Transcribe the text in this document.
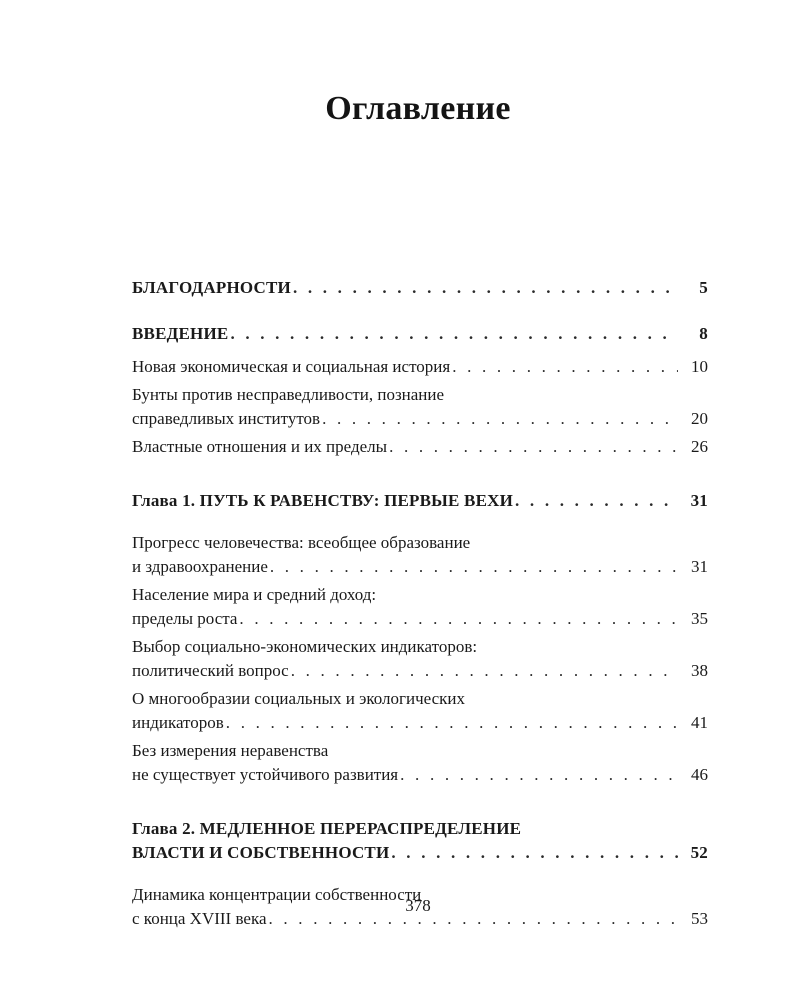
Оглавление
БЛАГОДАРНОСТИ . . .	5
ВВЕДЕНИЕ . . .	8
Новая экономическая и социальная история . . .	10
Бунты против несправедливости, познание
справедливых институтов . . .	20
Властные отношения и их пределы . . .	26
Глава 1. ПУТЬ К РАВЕНСТВУ: ПЕРВЫЕ ВЕХИ . . .	31
Прогресс человечества: всеобщее образование
и здравоохранение . . .	31
Население мира и средний доход:
пределы роста . . .	35
Выбор социально-экономических индикаторов:
политический вопрос . . .	38
О многообразии социальных и экологических
индикаторов . . .	41
Без измерения неравенства
не существует устойчивого развития . . .	46
Глава 2. МЕДЛЕННОЕ ПЕРЕРАСПРЕДЕЛЕНИЕ
ВЛАСТИ И СОБСТВЕННОСТИ . . .	52
Динамика концентрации собственности
с конца XVIII века . . .	53
378
